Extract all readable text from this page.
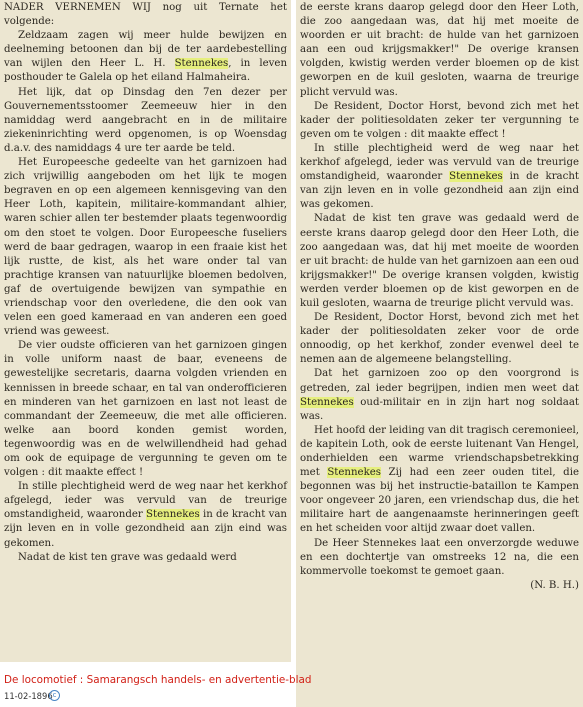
NADER VERNEMEN WIJ nog uit Ternate het volgende:

Zeldzaam zagen wij meer hulde bewijzen en deelneming betoonen dan bij de ter aardebestelling van wijlen den Heer L. H. Stennekes, in leven posthouder te Galela op het eiland Halmaheira.

Het lijk, dat op Dinsdag den 7en dezer per Gouvernementsstoomer Zeemeeuw hier in den namiddag werd aangebracht en in de militaire ziekeninrichting werd opgenomen, is op Woensdag d.a.v. des namiddags 4 ure ter aarde be teld.

Het Europeesche gedeelte van het garnizoen had zich vrijwillig aangeboden om het lijk te mogen begraven en op een algemeen kennisgeving van den Heer Loth, kapitein, militaire-kommandant alhier, waren schier allen ter bestemder plaats tegenwoordig om den stoet te volgen. Door Europeesche fuseliers werd de baar gedragen, waarop in een fraaie kist het lijk rustte, de kist, als het ware onder tal van prachtige kransen van natuurlijke bloemen bedolven, gaf de overtuigende bewijzen van sympathie en vriendschap voor den overledene, die den ook van velen een goed kameraad en van anderen een goed vriend was geweest.

De vier oudste officieren van het garnizoen gingen in volle uniform naast de baar, eveneens de gewestelijke secretaris, daarna volgden vrienden en kennissen in breede schaar, en tal van onderofficieren en minderen van het garnizoen en last not least de commandant der Zeemeeuw, die met alle officieren. welke aan boord konden gemist worden, tegenwoordig was en de welwillendheid had gehad om ook de equipage de vergunning te geven om te volgen : dit maakte effect !

In stille plechtigheid werd de weg naar het kerkhof afgelegd, ieder was vervuld van de treurige omstandigheid, waaronder Stennekes in de kracht van zijn leven en in volle gezondheid aan zijn eind was gekomen.

Nadat de kist ten grave was gedaald werd

de eerste krans daarop gelegd door den Heer Loth, die zoo aangedaan was, dat hij met moeite de woorden er uit bracht: de hulde van het garnizoen aan een oud krijgsmakker!" De overige kransen volgden, kwistig werden verder bloemen op de kist geworpen en de kuil gesloten, waarna de treurige plicht vervuld was.

De Resident, Doctor Horst, bevond zich met het kader der politiesoldaten zeker ter vergunning te geven om te volgen : dit maakte effect !

In stille plechtigheid werd de weg naar het kerkhof afgelegd, ieder was vervuld van de treurige omstandigheid, waaronder Stennekes in de kracht van zijn leven en in volle gezondheid aan zijn eind was gekomen.

Nadat de kist ten grave was gedaald werd de eerste krans daarop gelegd door den Heer Loth, die zoo aangedaan was, dat hij met moeite de woorden er uit bracht: de hulde van het garnizoen aan een oud krijgsmakker!" De overige kransen volgden, kwistig werden verder bloemen op de kist geworpen en de kuil gesloten, waarna de treurige plicht vervuld was.

De Resident, Doctor Horst, bevond zich met het kader der politiesoldaten zeker voor de orde onnoodig, op het kerkhof, zonder evenwel deel te nemen aan de algemeene belangstelling.

Dat het garnizoen zoo op den voorgrond is getreden, zal ieder begrijpen, indien men weet dat Stennekes oud-militair en in zijn hart nog soldaat was.

Het hoofd der leiding van dit tragisch ceremonieel, de kapitein Loth, ook de eerste luitenant Van Hengel, onderhielden een warme vriendschapsbetrekking met Stennekes Zij had een zeer ouden titel, die begonnen was bij het instructie-bataillon te Kampen voor ongeveer 20 jaren, een vriendschap dus, die het militaire hart de aangenaamste herinneringen geeft en het scheiden voor altijd zwaar doet vallen.

De Heer Stennekes laat een onverzorgde weduwe en een dochtertje van omstreeks 12 na, die een kommervolle toekomst te gemoet gaan.

(N. B. H.)

De locomotief : Samarangsch handels- en advertentie-blad
11-02-1896 c
